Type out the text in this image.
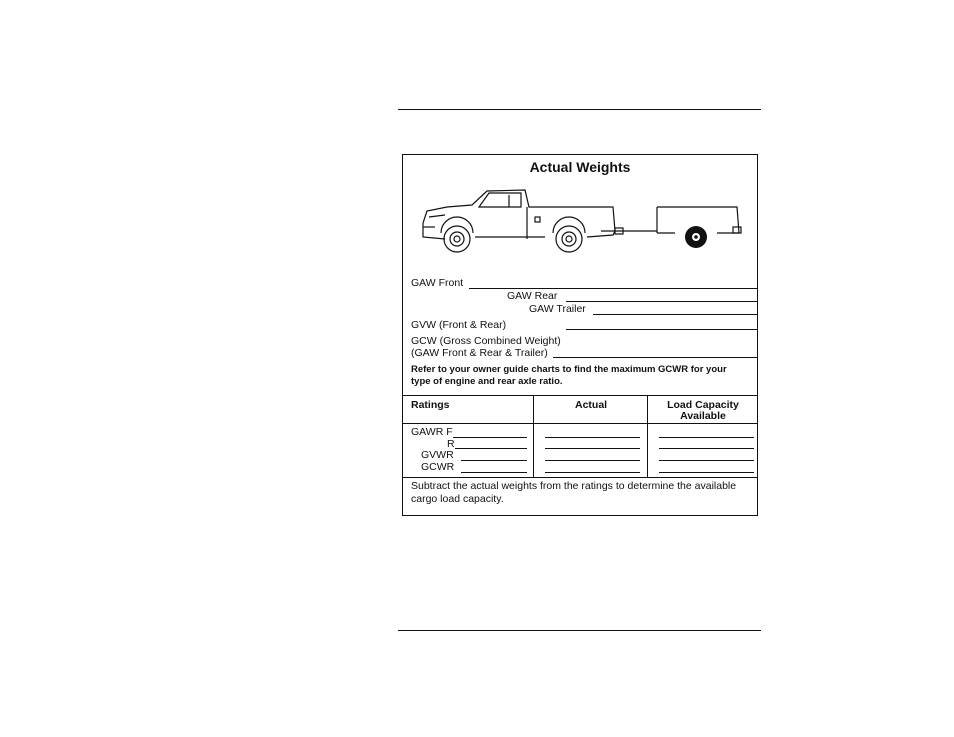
Actual Weights
GAW Front
GAW Rear
GAW Trailer
GVW (Front & Rear)
GCW (Gross Combined Weight)
(GAW Front & Rear & Trailer)
Refer to your owner guide charts to find the maximum GCWR for your type of engine and rear axle ratio.
Ratings	Actual	Load Capacity
Available
GAWR F
R
GVWR
GCWR
Subtract the actual weights from the ratings to determine the available cargo load capacity.
